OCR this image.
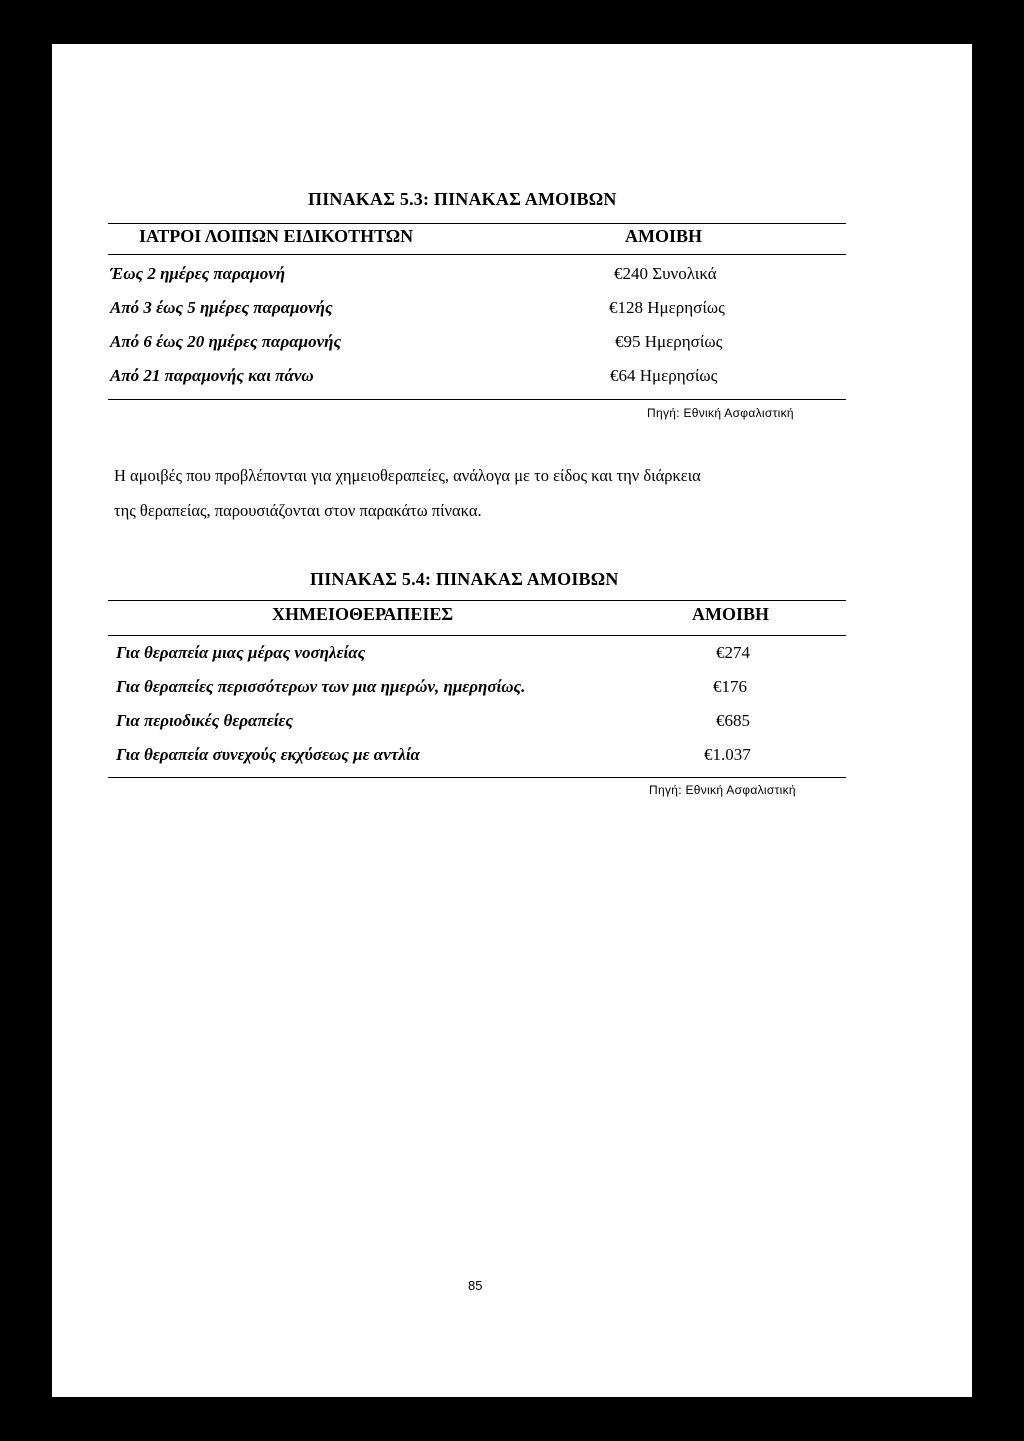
ΠΙΝΑΚΑΣ 5.3: ΠΙΝΑΚΑΣ ΑΜΟΙΒΩΝ
ΙΑΤΡΟΙ ΛΟΙΠΩΝ ΕΙΔΙΚΟΤΗΤΩΝ	ΑΜΟΙΒΗ
Έως 2 ημέρες παραμονή	€240 Συνολικά
Από 3 έως 5 ημέρες παραμονής	€128 Ημερησίως
Από 6 έως 20 ημέρες παραμονής	€95 Ημερησίως
Από 21 παραμονής και πάνω	€64 Ημερησίως
Πηγή: Εθνική Ασφαλιστική
Η αμοιβές που προβλέπονται για χημειοθεραπείες, ανάλογα με το είδος και την διάρκεια
της θεραπείας, παρουσιάζονται στον παρακάτω πίνακα.
ΠΙΝΑΚΑΣ 5.4: ΠΙΝΑΚΑΣ ΑΜΟΙΒΩΝ
ΧΗΜΕΙΟΘΕΡΑΠΕΙΕΣ	ΑΜΟΙΒΗ
Για θεραπεία μιας μέρας νοσηλείας	€274
Για θεραπείες περισσότερων των μια ημερών, ημερησίως.	€176
Για περιοδικές θεραπείες	€685
Για θεραπεία συνεχούς εκχύσεως με αντλία	€1.037
Πηγή: Εθνική Ασφαλιστική
85
